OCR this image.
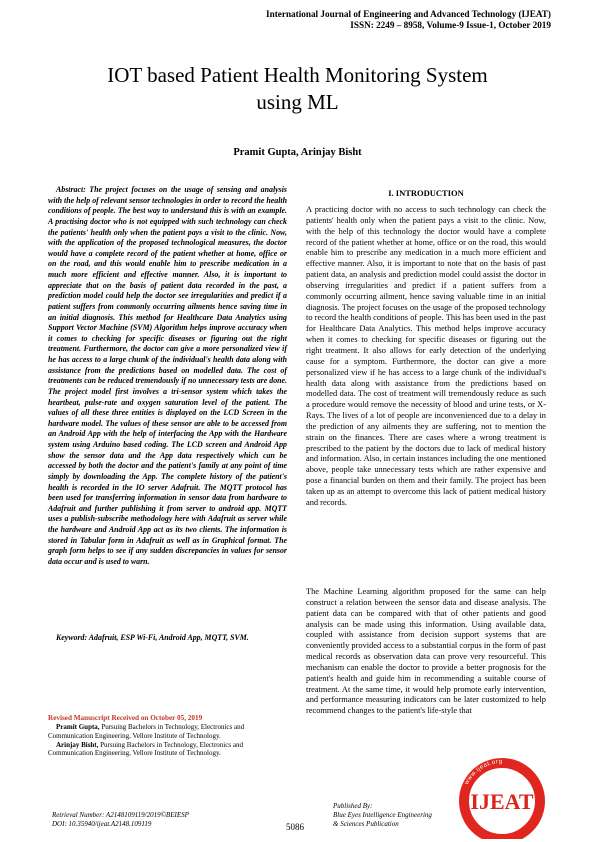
International Journal of Engineering and Advanced Technology (IJEAT)
ISSN: 2249 – 8958, Volume-9 Issue-1, October 2019
IOT based Patient Health Monitoring System
using ML
Pramit Gupta, Arinjay Bisht
Abstract: The project focuses on the usage of sensing and analysis with the help of relevant sensor technologies in order to record the health conditions of people. The best way to understand this is with an example. A practising doctor who is not equipped with such technology can check the patients' health only when the patient pays a visit to the clinic. Now, with the application of the proposed technological measures, the doctor would have a complete record of the patient whether at home, office or on the road, and this would enable him to prescribe medication in a much more efficient and effective manner. Also, it is important to appreciate that on the basis of patient data recorded in the past, a prediction model could help the doctor see irregularities and predict if a patient suffers from commonly occurring ailments hence saving time in an initial diagnosis. This method for Healthcare Data Analytics using Support Vector Machine (SVM) Algorithm helps improve accuracy when it comes to checking for specific diseases or figuring out the right treatment. Furthermore, the doctor can give a more personalized view if he has access to a large chunk of the individual's health data along with assistance from the predictions based on modelled data. The cost of treatments can be reduced tremendously if no unnecessary tests are done. The project model first involves a tri-sensor system which takes the heartbeat, pulse-rate and oxygen saturation level of the patient. The values of all these three entities is displayed on the LCD Screen in the hardware model. The values of these sensor are able to be accessed from an Android App with the help of interfacing the App with the Hardware system using Arduino based coding. The LCD screen and Android App show the sensor data and the App data respectively which can be accessed by both the doctor and the patient's family at any point of time simply by downloading the App. The complete history of the patient's health is recorded in the IO server Adafruit. The MQTT protocol has been used for transferring information in sensor data from hardware to Adafruit and further publishing it from server to android app. MQTT uses a publish-subscribe methodology here with Adafruit as server while the hardware and Android App act as its two clients. The information is stored in Tabular form in Adafruit as well as in Graphical format. The graph form helps to see if any sudden discrepancies in values for sensor data occur and is used to warn.
Keyword: Adafruit, ESP Wi-Fi, Android App, MQTT, SVM.
I. INTRODUCTION
A practicing doctor with no access to such technology can check the patients' health only when the patient pays a visit to the clinic. Now, with the help of this technology the doctor would have a complete record of the patient whether at home, office or on the road, this would enable him to prescribe any medication in a much more efficient and effective manner. Also, it is important to note that on the basis of past patient data, an analysis and prediction model could assist the doctor in observing irregularities and predict if a patient suffers from a commonly occurring ailment, hence saving valuable time in an initial diagnosis. The project focuses on the usage of the proposed technology to record the health conditions of people. This has been used in the past for Healthcare Data Analytics. This method helps improve accuracy when it comes to checking for specific diseases or figuring out the right treatment. It also allows for early detection of the underlying cause for a symptom. Furthermore, the doctor can give a more personalized view if he has access to a large chunk of the individual's health data along with assistance from the predictions based on modelled data. The cost of treatment will tremendously reduce as such a procedure would remove the necessity of blood and urine tests, or X-Rays. The lives of a lot of people are inconvenienced due to a delay in the prediction of any ailments they are suffering, not to mention the strain on the finances. There are cases where a wrong treatment is prescribed to the patient by the doctors due to lack of medical history and information. Also, in certain instances including the one mentioned above, people take unnecessary tests which are rather expensive and pose a financial burden on them and their family. The project has been taken up as an attempt to overcome this lack of patient medical history and records.
The Machine Learning algorithm proposed for the same can help construct a relation between the sensor data and disease analysis. The patient data can be compared with that of other patients and good analysis can be made using this information. Using available data, coupled with assistance from decision support systems that are conveniently provided access to a substantial corpus in the form of past medical records as observation data can prove very resourceful. This mechanism can enable the doctor to provide a better prognosis for the patient's health and guide him in recommending a suitable course of treatment. At the same time, it would help promote early intervention, and performance measuring indicators can be later customized to help recommend changes to the patient's life-style that
Revised Manuscript Received on October 05, 2019
Pramit Gupta, Pursuing Bachelors in Technology, Electronics and Communication Engineering, Vellore Institute of Technology.
Arinjay Bisht, Pursuing Bachelors in Technology, Electronics and Communication Engineering, Vellore Institute of Technology.
Retrieval Number: A2148109119/2019©BEIESP
DOI: 10.35940/ijeat.A2148.109119
Published By:
Blue Eyes Intelligence Engineering
& Sciences Publication
5086
www.ijeat.org
IJEAT
